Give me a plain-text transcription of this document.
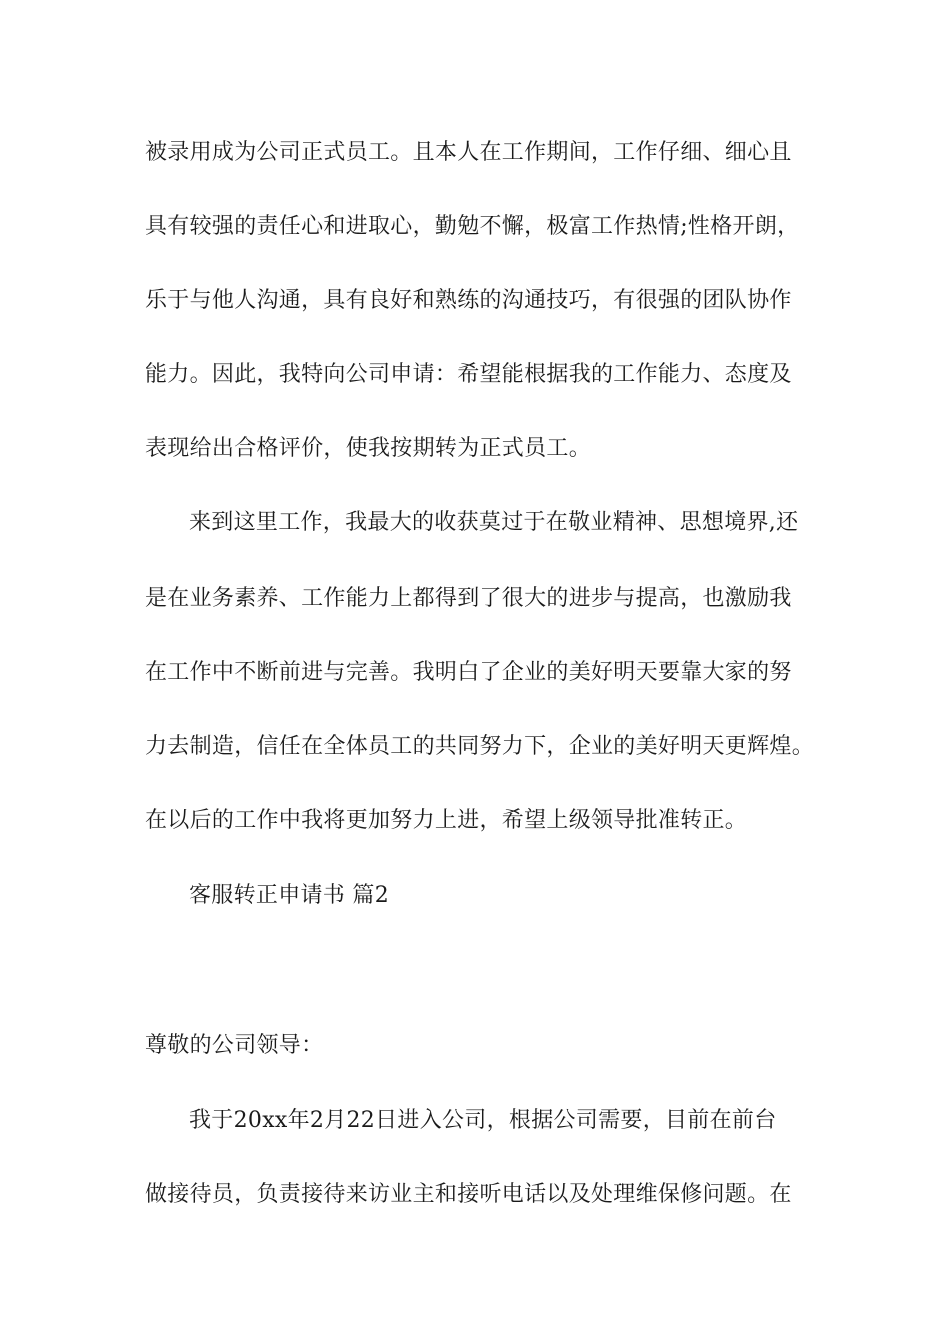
被录用成为公司正式员工。且本人在工作期间，工作仔细、细心且
具有较强的责任心和进取心，勤勉不懈，极富工作热情;性格开朗，
乐于与他人沟通，具有良好和熟练的沟通技巧，有很强的团队协作
能力。因此，我特向公司申请：希望能根据我的工作能力、态度及
表现给出合格评价，使我按期转为正式员工。
来到这里工作，我最大的收获莫过于在敬业精神、思想境界,还
是在业务素养、工作能力上都得到了很大的进步与提高，也激励我
在工作中不断前进与完善。我明白了企业的美好明天要靠大家的努
力去制造，信任在全体员工的共同努力下，企业的美好明天更辉煌。
在以后的工作中我将更加努力上进，希望上级领导批准转正。
客服转正申请书 篇2
尊敬的公司领导：
我于20xx年2月22日进入公司，根据公司需要，目前在前台
做接待员，负责接待来访业主和接听电话以及处理维保修问题。在
